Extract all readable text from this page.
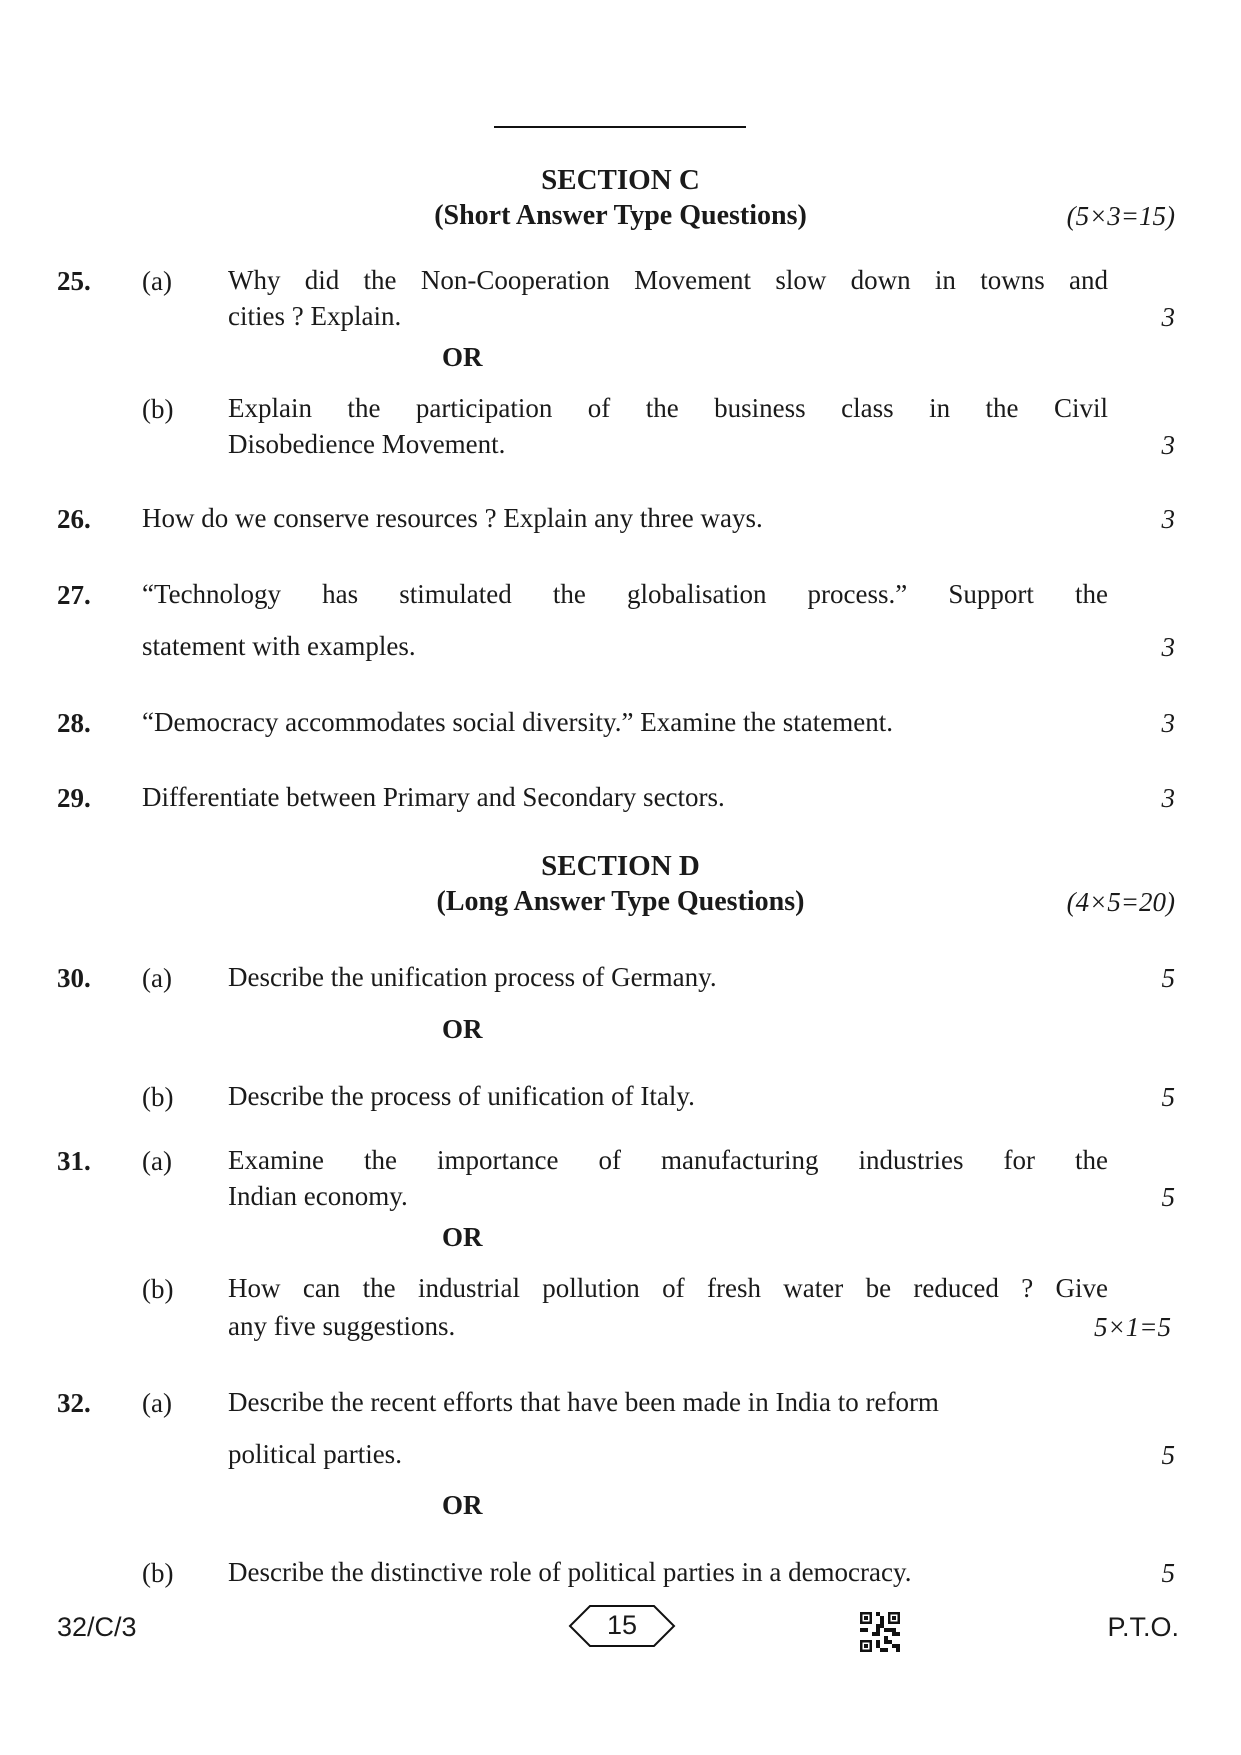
SECTION C
(Short Answer Type Questions)	(5×3=15)
25. (a) Why did the Non-Cooperation Movement slow down in towns and
cities ? Explain.	3
OR
(b) Explain the participation of the business class in the Civil
Disobedience Movement.	3
26. How do we conserve resources ? Explain any three ways.	3
27. “Technology has stimulated the globalisation process.” Support the
statement with examples.	3
28. “Democracy accommodates social diversity.” Examine the statement.	3
29. Differentiate between Primary and Secondary sectors.	3
SECTION D
(Long Answer Type Questions)	(4×5=20)
30. (a) Describe the unification process of Germany.	5
OR
(b) Describe the process of unification of Italy.	5
31. (a) Examine the importance of manufacturing industries for the
Indian economy.	5
OR
(b) How can the industrial pollution of fresh water be reduced ? Give
any five suggestions.	5×1=5
32. (a) Describe the recent efforts that have been made in India to reform
political parties.	5
OR
(b) Describe the distinctive role of political parties in a democracy.	5
32/C/3	15	P.T.O.
